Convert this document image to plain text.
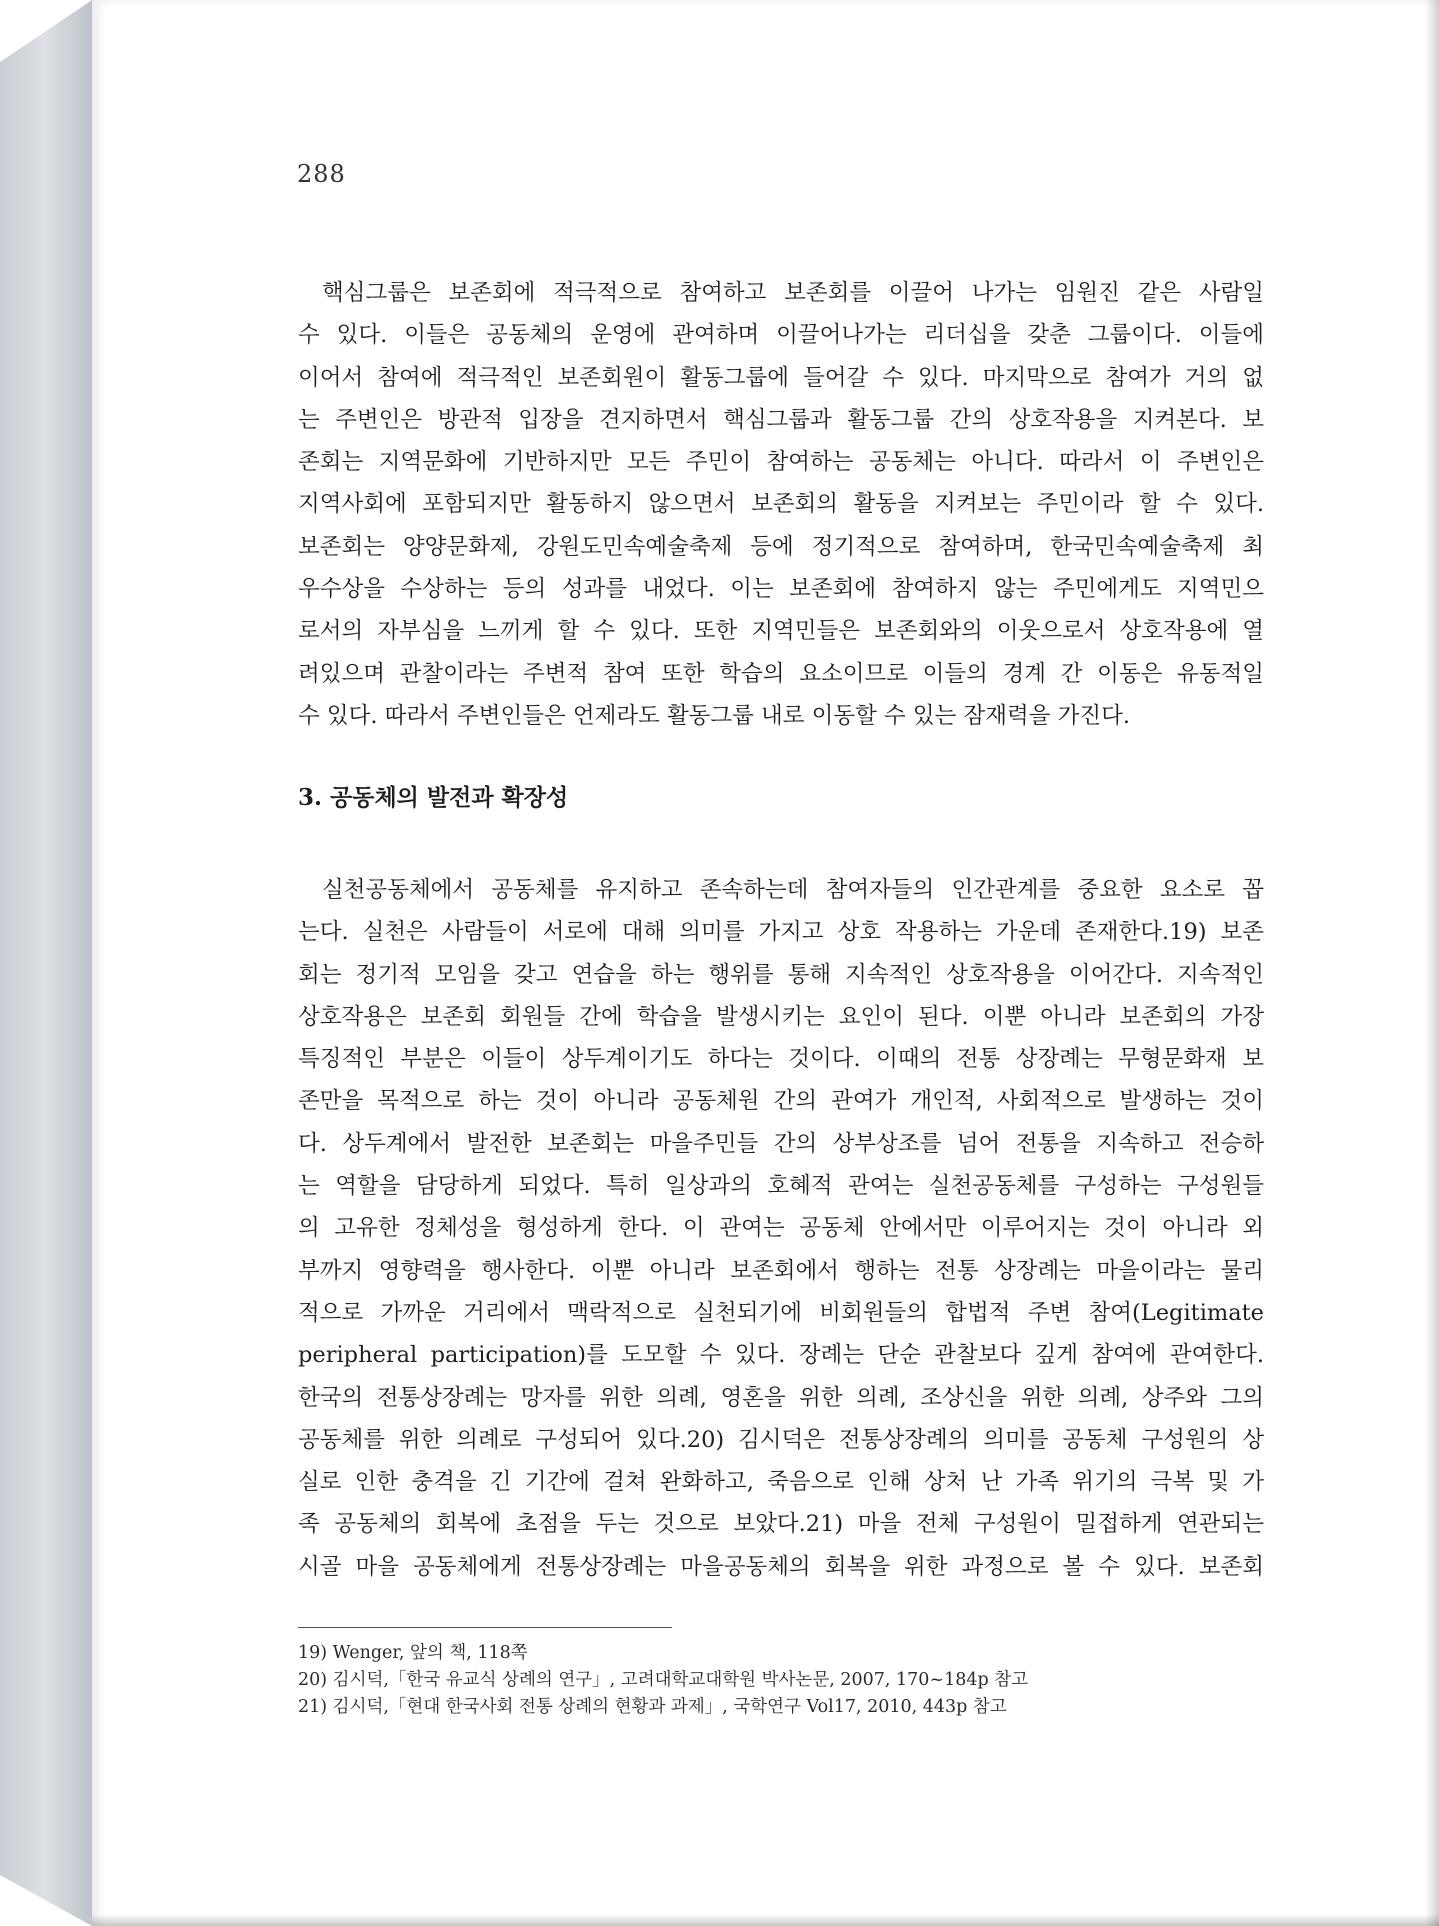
288
핵심그룹은 보존회에 적극적으로 참여하고 보존회를 이끌어 나가는 임원진 같은 사람일
수 있다. 이들은 공동체의 운영에 관여하며 이끌어나가는 리더십을 갖춘 그룹이다. 이들에
이어서 참여에 적극적인 보존회원이 활동그룹에 들어갈 수 있다. 마지막으로 참여가 거의 없
는 주변인은 방관적 입장을 견지하면서 핵심그룹과 활동그룹 간의 상호작용을 지켜본다. 보
존회는 지역문화에 기반하지만 모든 주민이 참여하는 공동체는 아니다. 따라서 이 주변인은
지역사회에 포함되지만 활동하지 않으면서 보존회의 활동을 지켜보는 주민이라 할 수 있다.
보존회는 양양문화제, 강원도민속예술축제 등에 정기적으로 참여하며, 한국민속예술축제 최
우수상을 수상하는 등의 성과를 내었다. 이는 보존회에 참여하지 않는 주민에게도 지역민으
로서의 자부심을 느끼게 할 수 있다. 또한 지역민들은 보존회와의 이웃으로서 상호작용에 열
려있으며 관찰이라는 주변적 참여 또한 학습의 요소이므로 이들의 경계 간 이동은 유동적일
수 있다. 따라서 주변인들은 언제라도 활동그룹 내로 이동할 수 있는 잠재력을 가진다.
3. 공동체의 발전과 확장성
실천공동체에서 공동체를 유지하고 존속하는데 참여자들의 인간관계를 중요한 요소로 꼽
는다. 실천은 사람들이 서로에 대해 의미를 가지고 상호 작용하는 가운데 존재한다.19) 보존
회는 정기적 모임을 갖고 연습을 하는 행위를 통해 지속적인 상호작용을 이어간다. 지속적인
상호작용은 보존회 회원들 간에 학습을 발생시키는 요인이 된다. 이뿐 아니라 보존회의 가장
특징적인 부분은 이들이 상두계이기도 하다는 것이다. 이때의 전통 상장례는 무형문화재 보
존만을 목적으로 하는 것이 아니라 공동체원 간의 관여가 개인적, 사회적으로 발생하는 것이
다. 상두계에서 발전한 보존회는 마을주민들 간의 상부상조를 넘어 전통을 지속하고 전승하
는 역할을 담당하게 되었다. 특히 일상과의 호혜적 관여는 실천공동체를 구성하는 구성원들
의 고유한 정체성을 형성하게 한다. 이 관여는 공동체 안에서만 이루어지는 것이 아니라 외
부까지 영향력을 행사한다. 이뿐 아니라 보존회에서 행하는 전통 상장례는 마을이라는 물리
적으로 가까운 거리에서 맥락적으로 실천되기에 비회원들의 합법적 주변 참여(Legitimate
peripheral participation)를 도모할 수 있다. 장례는 단순 관찰보다 깊게 참여에 관여한다.
한국의 전통상장례는 망자를 위한 의례, 영혼을 위한 의례, 조상신을 위한 의례, 상주와 그의
공동체를 위한 의례로 구성되어 있다.20) 김시덕은 전통상장례의 의미를 공동체 구성원의 상
실로 인한 충격을 긴 기간에 걸쳐 완화하고, 죽음으로 인해 상처 난 가족 위기의 극복 및 가
족 공동체의 회복에 초점을 두는 것으로 보았다.21) 마을 전체 구성원이 밀접하게 연관되는
시골 마을 공동체에게 전통상장례는 마을공동체의 회복을 위한 과정으로 볼 수 있다. 보존회
19) Wenger, 앞의 책, 118쪽
20) 김시덕,「한국 유교식 상례의 연구」, 고려대학교대학원 박사논문, 2007, 170~184p 참고
21) 김시덕,「현대 한국사회 전통 상례의 현황과 과제」, 국학연구 Vol17, 2010, 443p 참고
